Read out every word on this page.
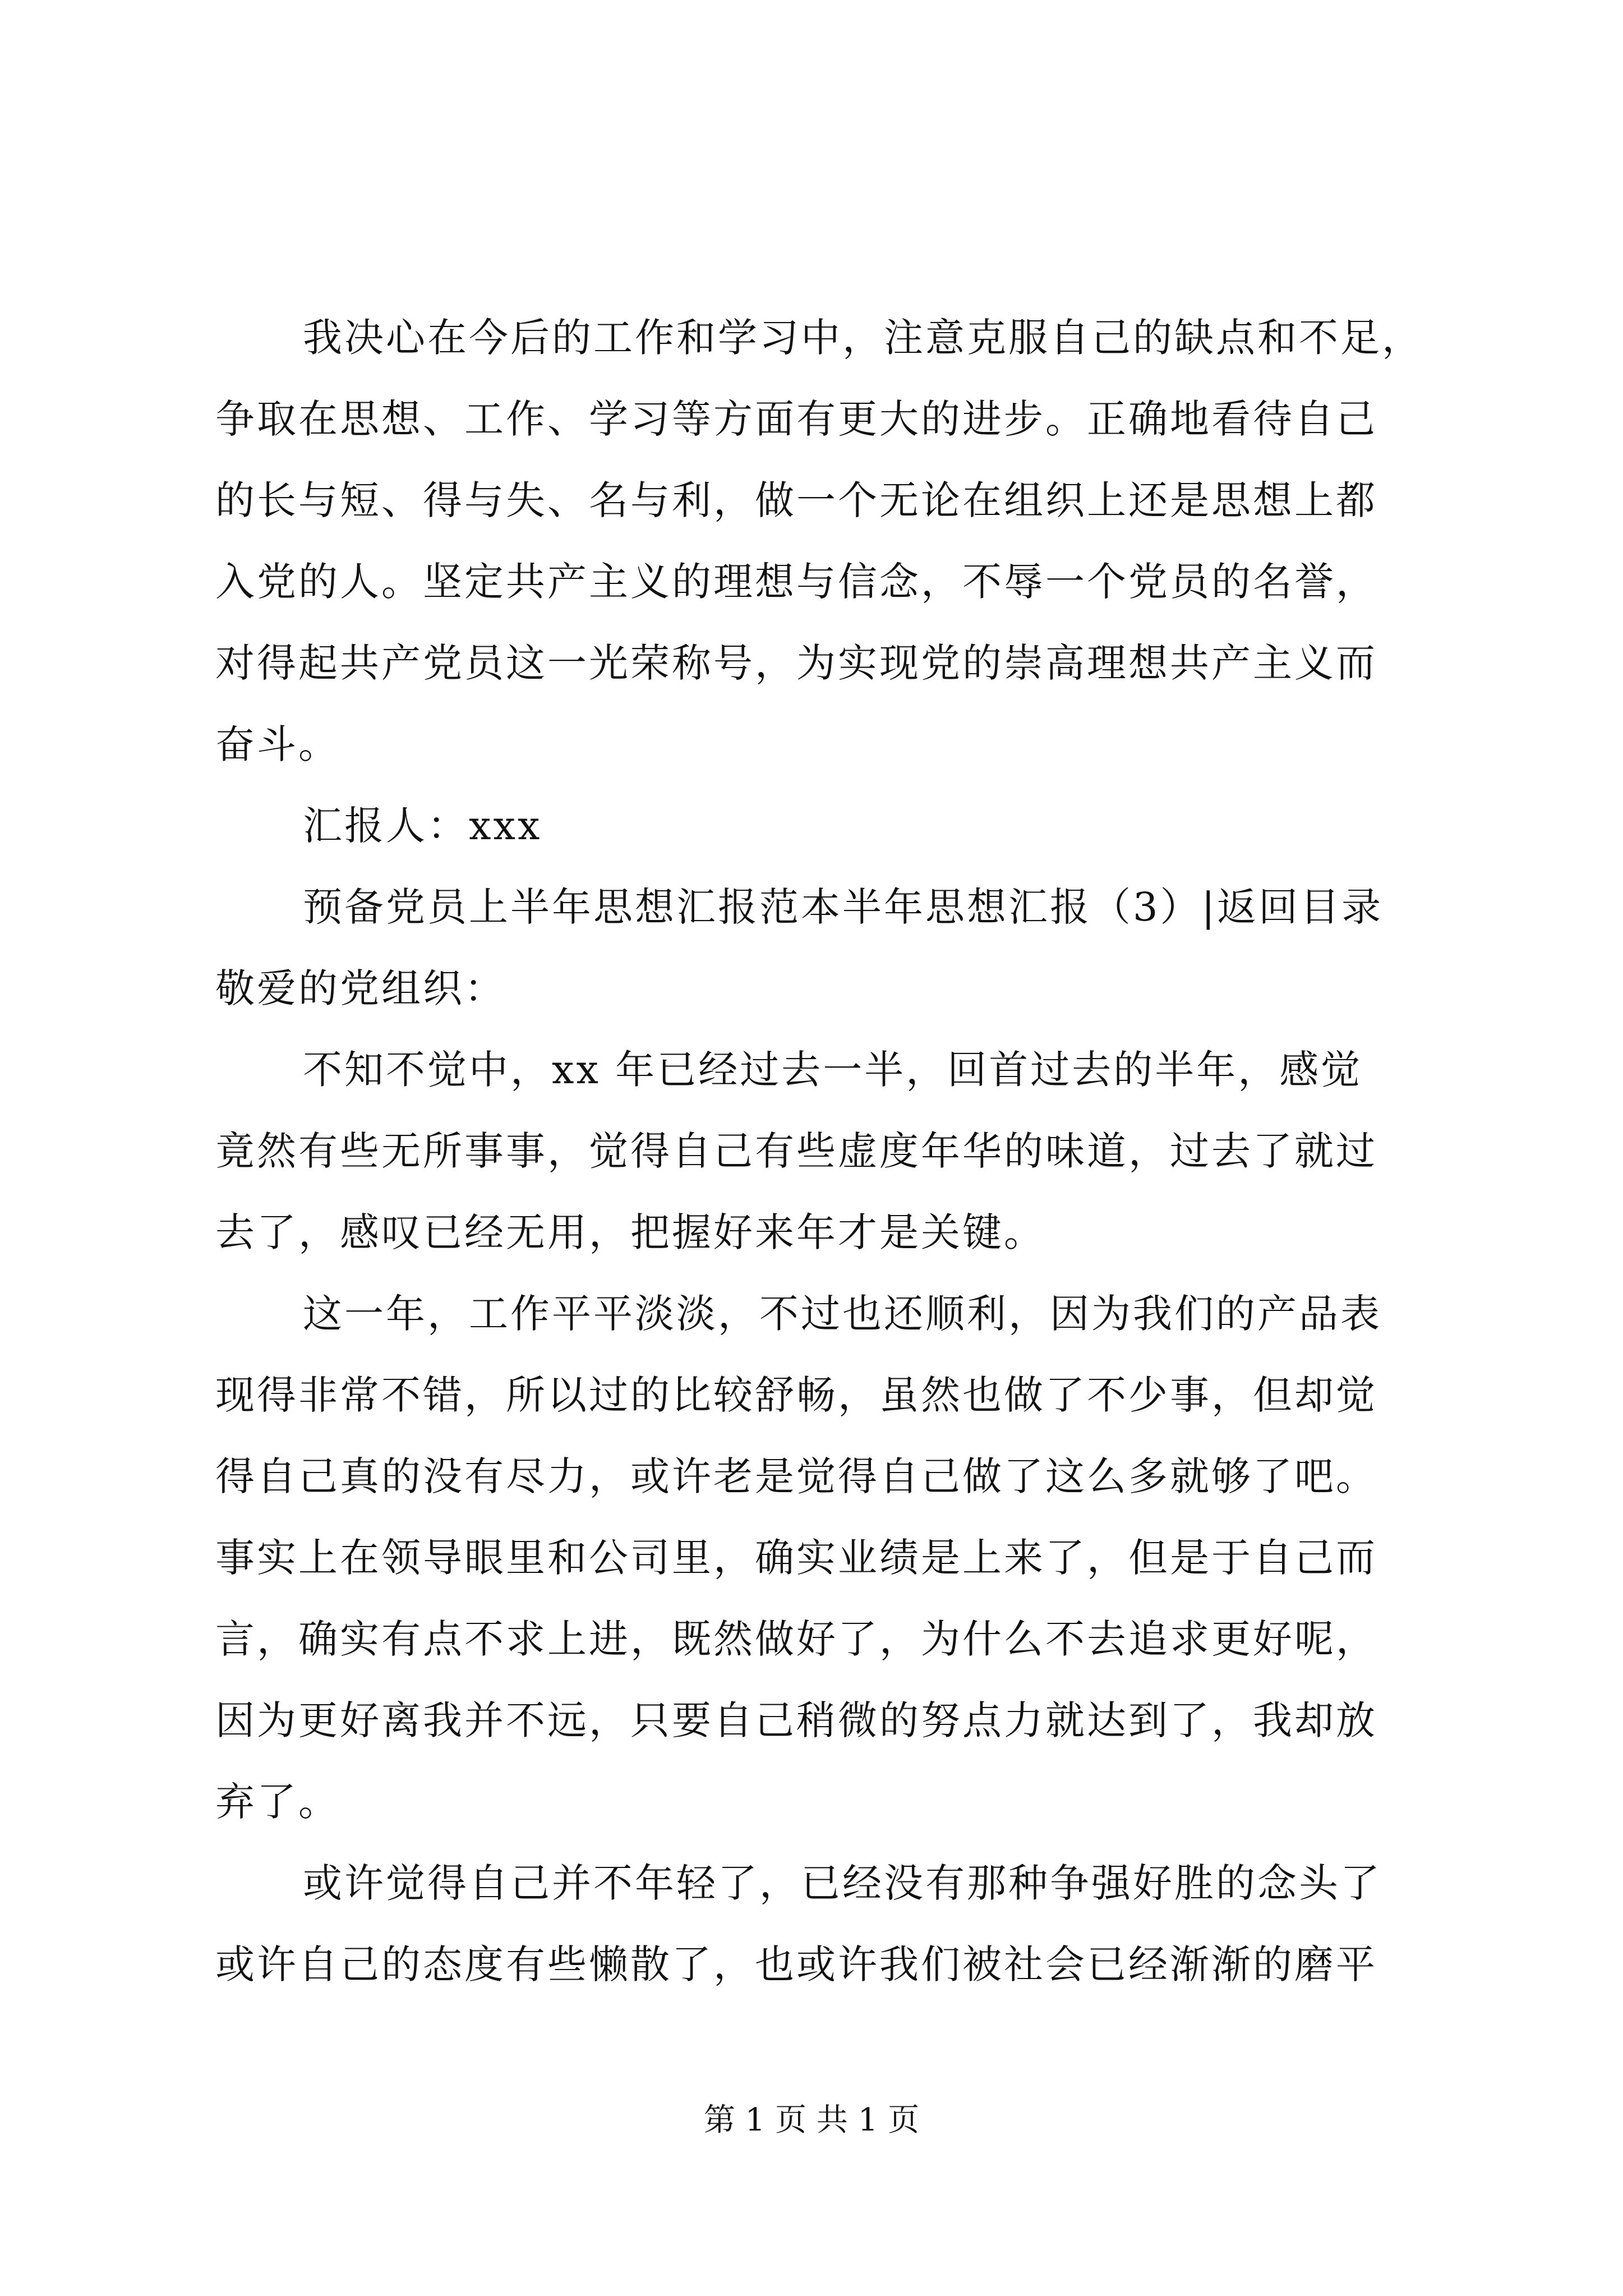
我决心在今后的工作和学习中，注意克服自己的缺点和不足，
争取在思想、工作、学习等方面有更大的进步。正确地看待自己
的长与短、得与失、名与利，做一个无论在组织上还是思想上都
入党的人。坚定共产主义的理想与信念，不辱一个党员的名誉，
对得起共产党员这一光荣称号，为实现党的崇高理想共产主义而
奋斗。
汇报人：xxx
预备党员上半年思想汇报范本半年思想汇报（3）|返回目录
敬爱的党组织：
不知不觉中，xx 年已经过去一半，回首过去的半年，感觉
竟然有些无所事事，觉得自己有些虚度年华的味道，过去了就过
去了，感叹已经无用，把握好来年才是关键。
这一年，工作平平淡淡，不过也还顺利，因为我们的产品表
现得非常不错，所以过的比较舒畅，虽然也做了不少事，但却觉
得自己真的没有尽力，或许老是觉得自己做了这么多就够了吧。
事实上在领导眼里和公司里，确实业绩是上来了，但是于自己而
言，确实有点不求上进，既然做好了，为什么不去追求更好呢，
因为更好离我并不远，只要自己稍微的努点力就达到了，我却放
弃了。
或许觉得自己并不年轻了，已经没有那种争强好胜的念头了
或许自己的态度有些懒散了，也或许我们被社会已经渐渐的磨平
第 1 页 共 1 页
